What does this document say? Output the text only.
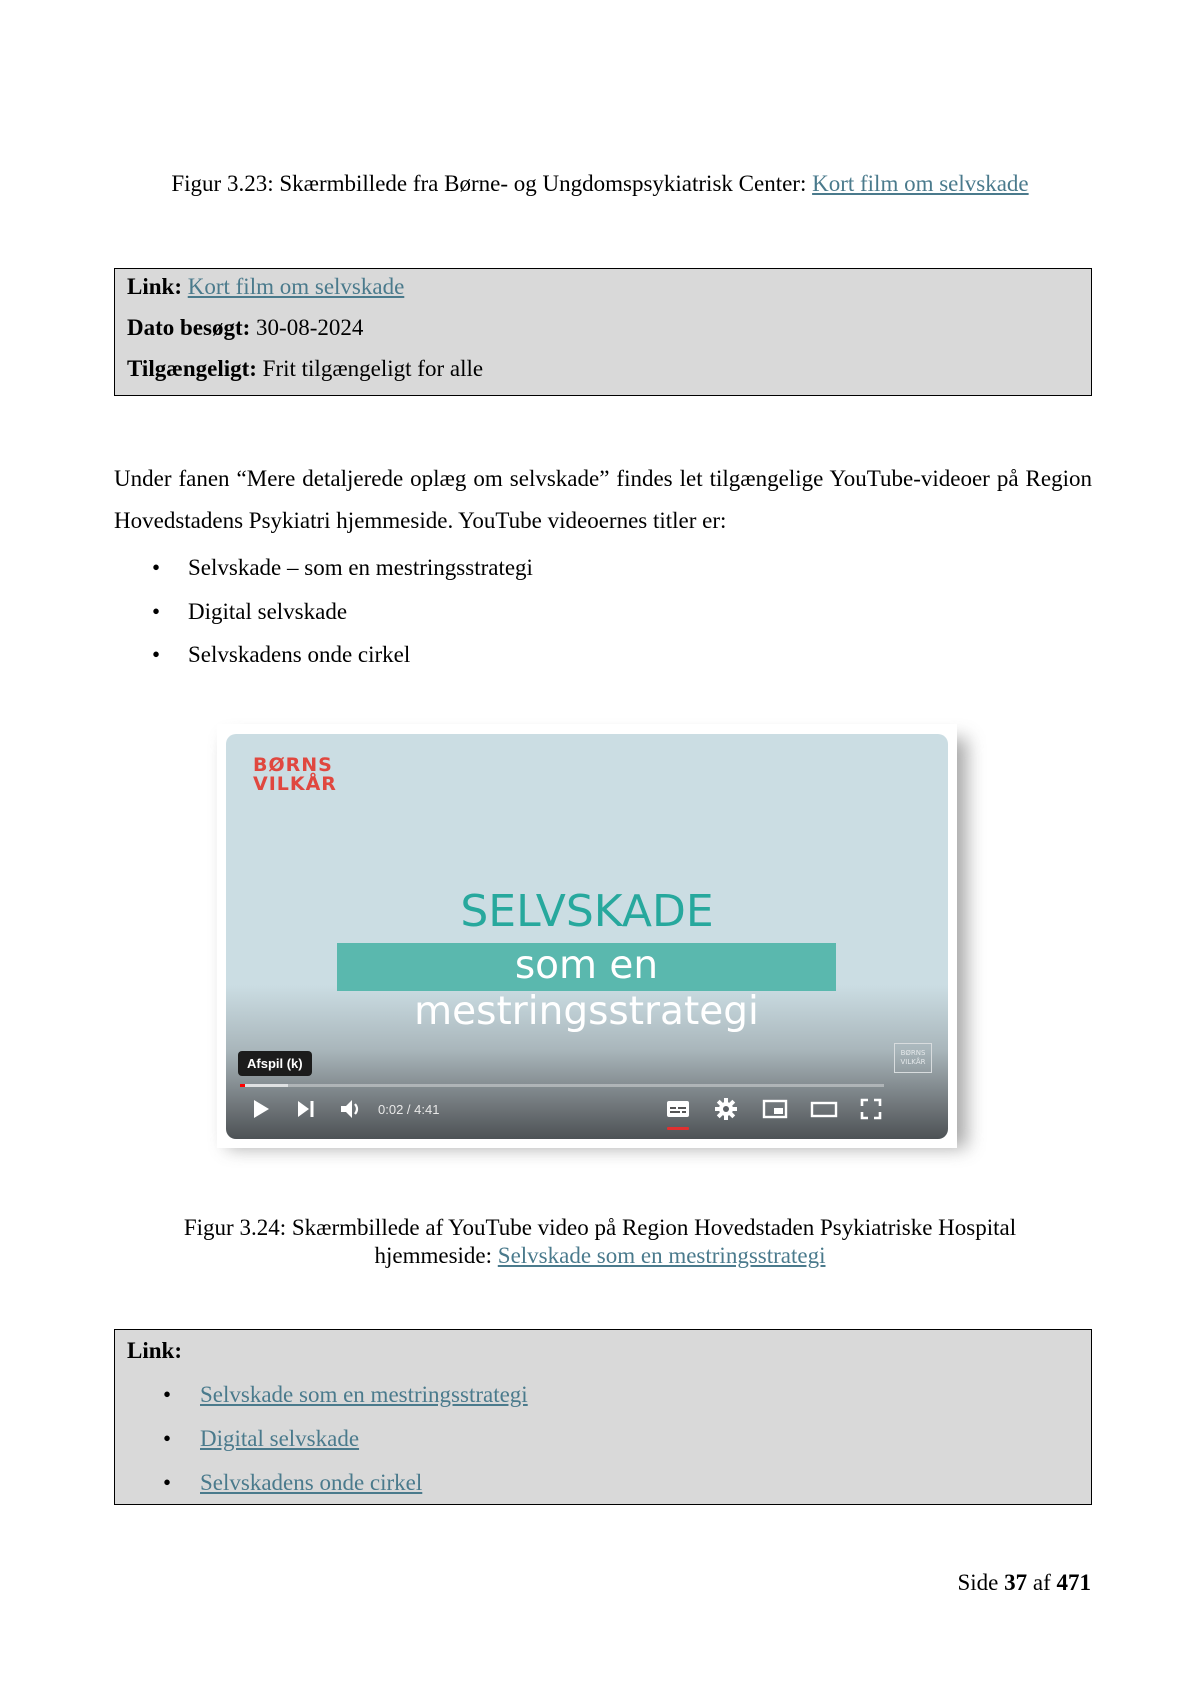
Figur 3.23: Skærmbillede fra Børne- og Ungdomspsykiatrisk Center: Kort film om selvskade
Link: Kort film om selvskade
Dato besøgt: 30-08-2024
Tilgængeligt: Frit tilgængeligt for alle
Under fanen “Mere detaljerede oplæg om selvskade” findes let tilgængelige YouTube-videoer på Region Hovedstadens Psykiatri hjemmeside. YouTube videoernes titler er:
• Selvskade – som en mestringsstrategi
• Digital selvskade
• Selvskadens onde cirkel
BØRNS
VILKÅR
SELVSKADE
som en mestringsstrategi
Afspil (k)
BØRNS
VILKÅR
0:02 / 4:41
Figur 3.24: Skærmbillede af YouTube video på Region Hovedstaden Psykiatriske Hospital
hjemmeside: Selvskade som en mestringsstrategi
Link:
• Selvskade som en mestringsstrategi
• Digital selvskade
• Selvskadens onde cirkel
Side 37 af 471
